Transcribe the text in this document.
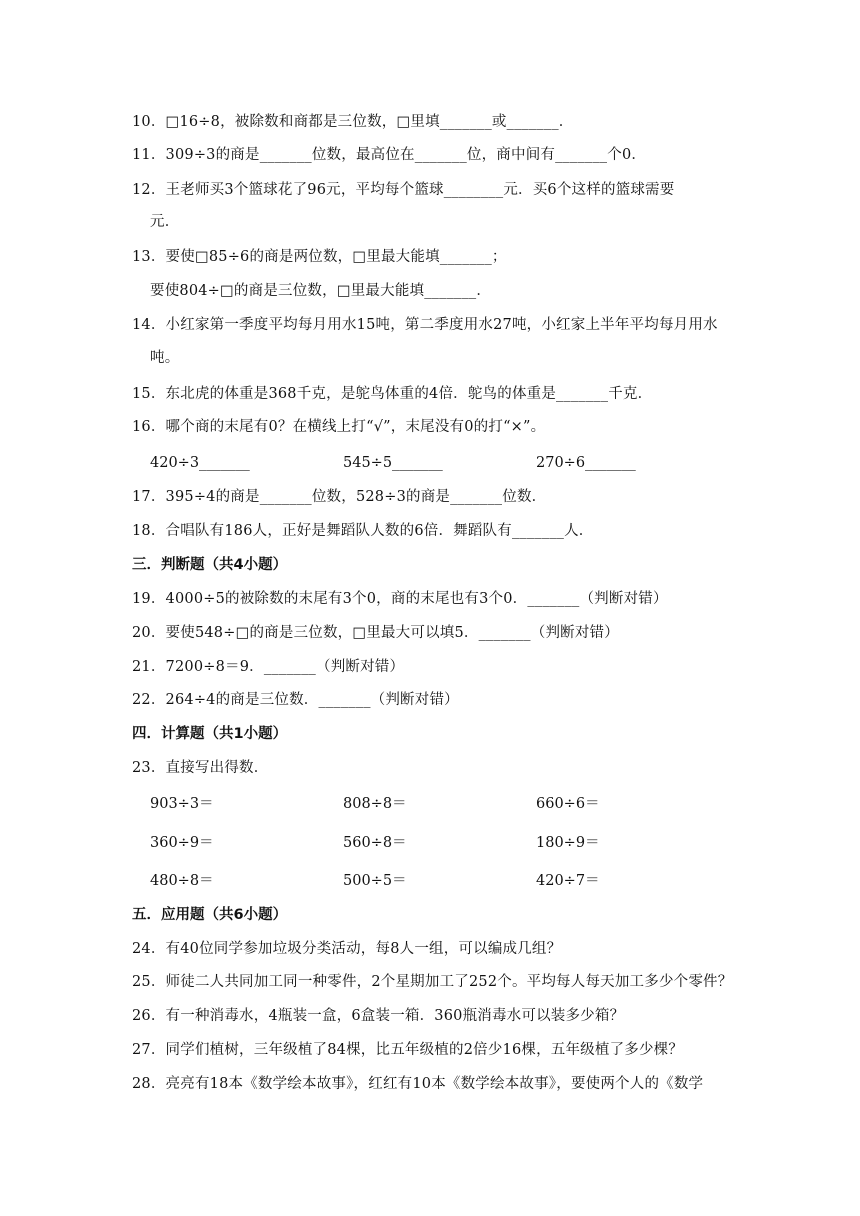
10．□16÷8，被除数和商都是三位数，□里填_______或_______．
11．309÷3的商是_______位数，最高位在_______位，商中间有_______个0．
12．王老师买3个篮球花了96元，平均每个篮球________元．买6个这样的篮球需要
元．
13．要使□85÷6的商是两位数，□里最大能填_______；
要使804÷□的商是三位数，□里最大能填_______．
14．小红家第一季度平均每月用水15吨，第二季度用水27吨，小红家上半年平均每月用水
吨。
15．东北虎的体重是368千克，是鸵鸟体重的4倍．鸵鸟的体重是_______千克．
16．哪个商的末尾有0？在横线上打“√”，末尾没有0的打“×”。
420÷3_______	545÷5_______	270÷6_______
17．395÷4的商是_______位数，528÷3的商是_______位数．
18．合唱队有186人，正好是舞蹈队人数的6倍．舞蹈队有_______人．
三．判断题（共4小题）
19．4000÷5的被除数的末尾有3个0，商的末尾也有3个0．_______（判断对错）
20．要使548÷□的商是三位数，□里最大可以填5．_______（判断对错）
21．7200÷8＝9．_______（判断对错）
22．264÷4的商是三位数．_______（判断对错）
四．计算题（共1小题）
23．直接写出得数．
903÷3＝	808÷8＝	660÷6＝
360÷9＝	560÷8＝	180÷9＝
480÷8＝	500÷5＝	420÷7＝
五．应用题（共6小题）
24．有40位同学参加垃圾分类活动，每8人一组，可以编成几组？
25．师徒二人共同加工同一种零件，2个星期加工了252个。平均每人每天加工多少个零件？
26．有一种消毒水，4瓶装一盒，6盒装一箱．360瓶消毒水可以装多少箱？
27．同学们植树，三年级植了84棵，比五年级植的2倍少16棵，五年级植了多少棵？
28．亮亮有18本《数学绘本故事》，红红有10本《数学绘本故事》，要使两个人的《数学
